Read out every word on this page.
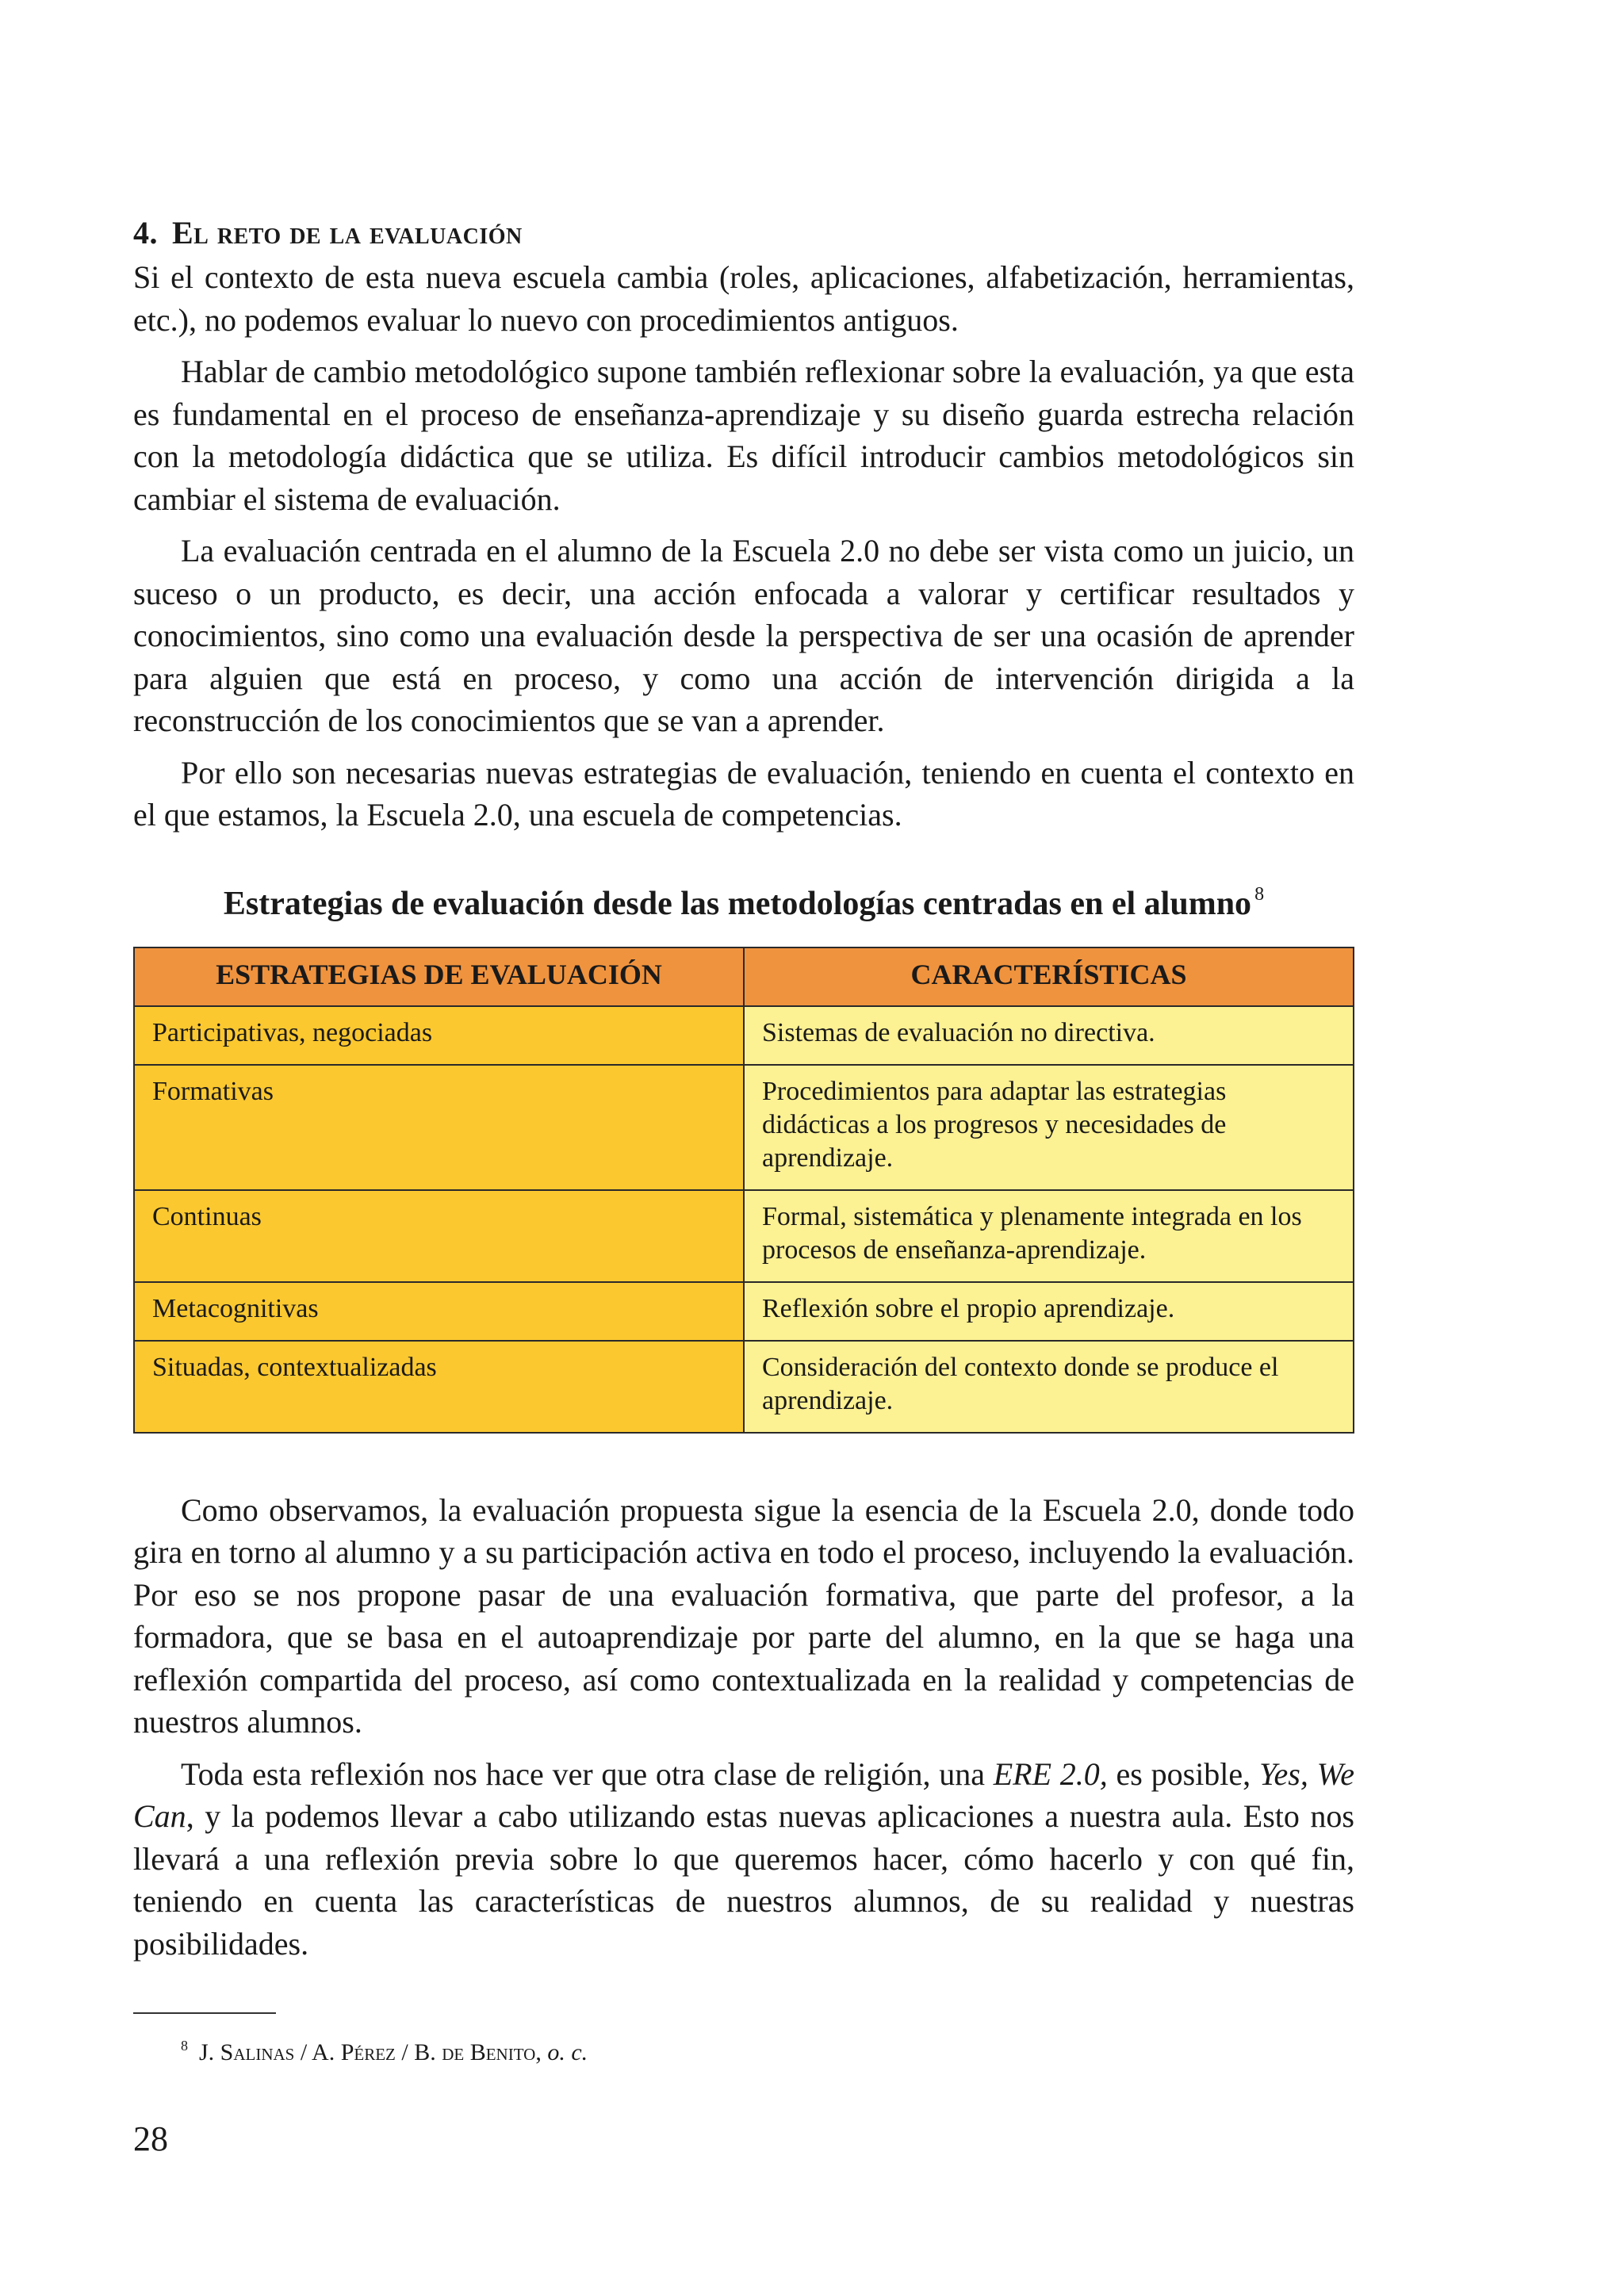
4. El reto de la evaluación

Si el contexto de esta nueva escuela cambia (roles, aplicaciones, alfabetización, herramientas, etc.), no podemos evaluar lo nuevo con procedimientos antiguos.

Hablar de cambio metodológico supone también reflexionar sobre la evaluación, ya que esta es fundamental en el proceso de enseñanza-aprendizaje y su diseño guarda estrecha relación con la metodología didáctica que se utiliza. Es difícil introducir cambios metodológicos sin cambiar el sistema de evaluación.

La evaluación centrada en el alumno de la Escuela 2.0 no debe ser vista como un juicio, un suceso o un producto, es decir, una acción enfocada a valorar y certificar resultados y conocimientos, sino como una evaluación desde la perspectiva de ser una ocasión de aprender para alguien que está en proceso, y como una acción de intervención dirigida a la reconstrucción de los conocimientos que se van a aprender.

Por ello son necesarias nuevas estrategias de evaluación, teniendo en cuenta el contexto en el que estamos, la Escuela 2.0, una escuela de competencias.

Estrategias de evaluación desde las metodologías centradas en el alumno $^8$
ESTRATEGIAS DE EVALUACIÓN	CARACTERÍSTICAS
Participativas, negociadas	Sistemas de evaluación no directiva.
Formativas	Procedimientos para adaptar las estrategias didácticas a los progresos y necesidades de aprendizaje.
Continuas	Formal, sistemática y plenamente integrada en los procesos de enseñanza-aprendizaje.
Metacognitivas	Reflexión sobre el propio aprendizaje.
Situadas, contextualizadas	Consideración del contexto donde se produce el aprendizaje.

Como observamos, la evaluación propuesta sigue la esencia de la Escuela 2.0, donde todo gira en torno al alumno y a su participación activa en todo el proceso, incluyendo la evaluación. Por eso se nos propone pasar de una evaluación formativa, que parte del profesor, a la formadora, que se basa en el autoaprendizaje por parte del alumno, en la que se haga una reflexión compartida del proceso, así como contextualizada en la realidad y competencias de nuestros alumnos.

Toda esta reflexión nos hace ver que otra clase de religión, una ERE 2.0, es posible, Yes, We Can, y la podemos llevar a cabo utilizando estas nuevas aplicaciones a nuestra aula. Esto nos llevará a una reflexión previa sobre lo que queremos hacer, cómo hacerlo y con qué fin, teniendo en cuenta las características de nuestros alumnos, de su realidad y nuestras posibilidades.

$^8$ J. Salinas / A. Pérez / B. de Benito, o. c.
28
